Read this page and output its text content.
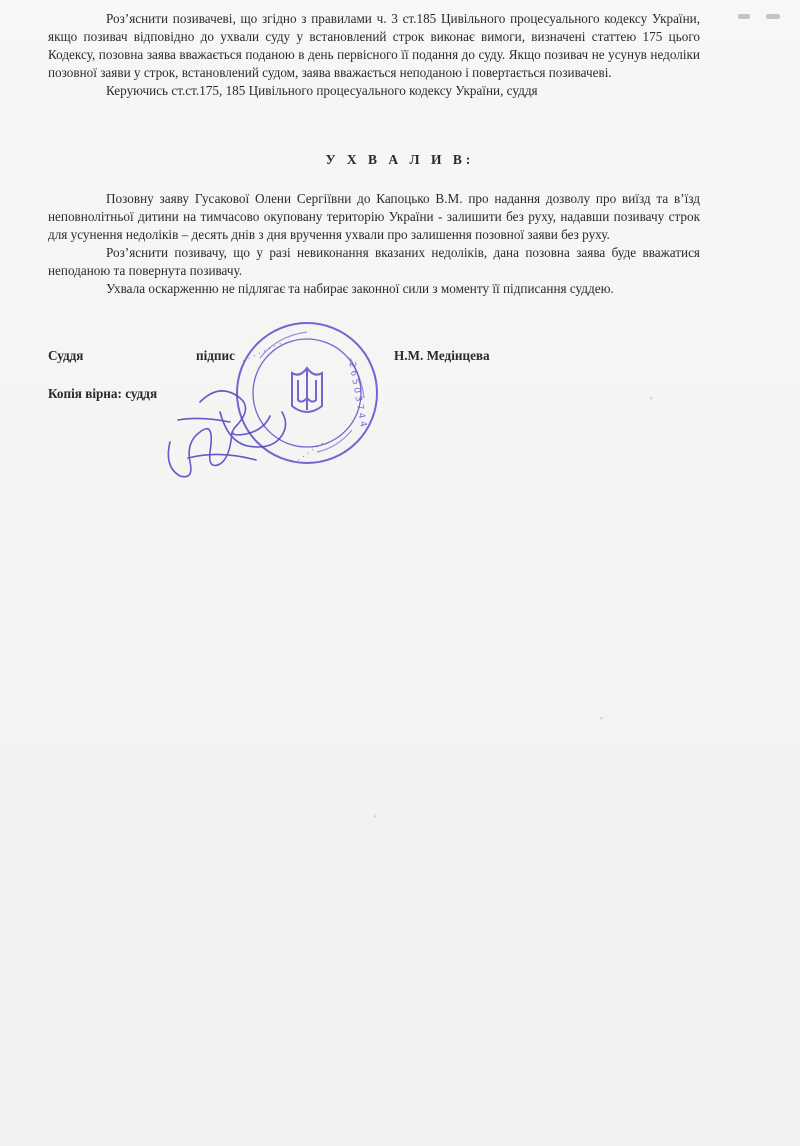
Роз’яснити позивачеві, що згідно з правилами ч. 3 ст.185 Цивільного процесуального кодексу України, якщо позивач відповідно до ухвали суду у встановлений строк виконає вимоги, визначені статтею 175 цього Кодексу, позовна заява вважається поданою в день первісного її подання до суду. Якщо позивач не усунув недоліки позовної заяви у строк, встановлений судом, заява вважається неподаною і повертається позивачеві.

Керуючись ст.ст.175, 185 Цивільного процесуального кодексу України, суддя

У Х В А Л И В:

Позовну заяву Гусакової Олени Сергіївни до Капоцько В.М. про надання дозволу про виїзд та в’їзд неповнолітньої дитини на тимчасово окуповану територію України - залишити без руху, надавши позивачу строк для усунення недоліків – десять днів з дня вручення ухвали про залишення позовної заяви без руху.

Роз’яснити позивачу, що у разі невиконання вказаних недоліків, дана позовна заява буде вважатися неподаною та повернута позивачу.

Ухвала оскарженню не підлягає та набирає законної сили з моменту її підписання суддею.

Суддя	підпис	Н.М. Медінцева
Копія вірна: суддя
· · · · · · · ·
2 6 5 0 3 7 4 4
· · · · · ·
·
·
·
